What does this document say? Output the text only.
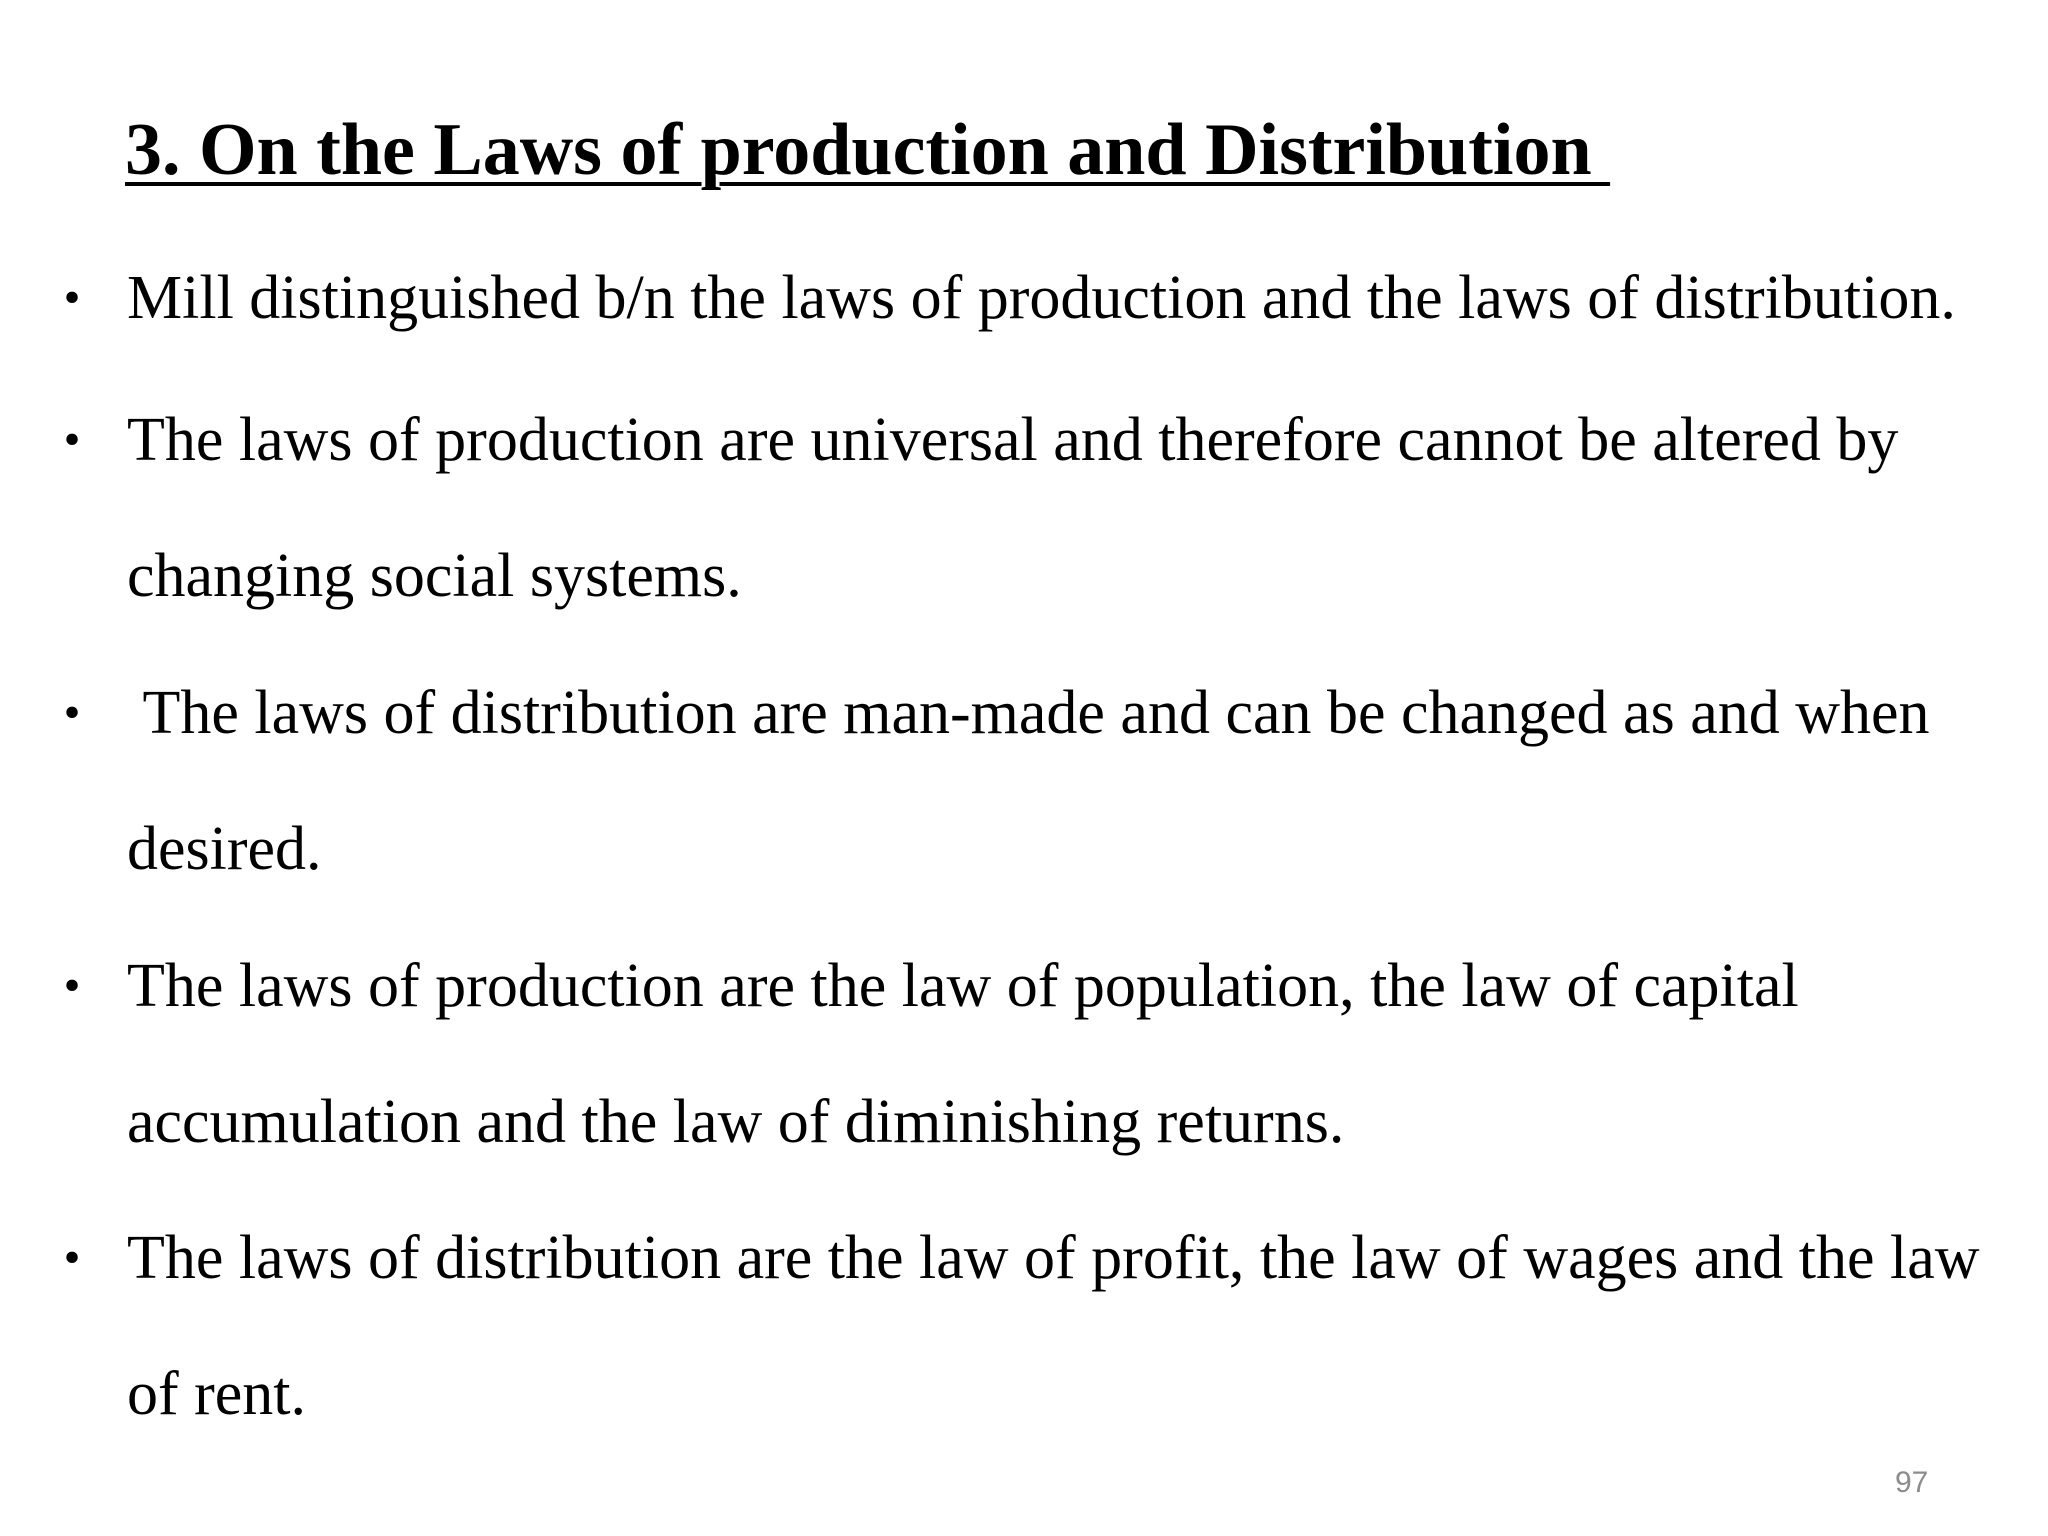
3. On the Laws of production and Distribution
• Mill distinguished b/n the laws of production and the laws of distribution.
• The laws of production are universal and therefore cannot be altered by changing social systems.
• The laws of distribution are man-made and can be changed as and when desired.
• The laws of production are the law of population, the law of capital accumulation and the law of diminishing returns.
• The laws of distribution are the law of profit, the law of wages and the law of rent.
97
